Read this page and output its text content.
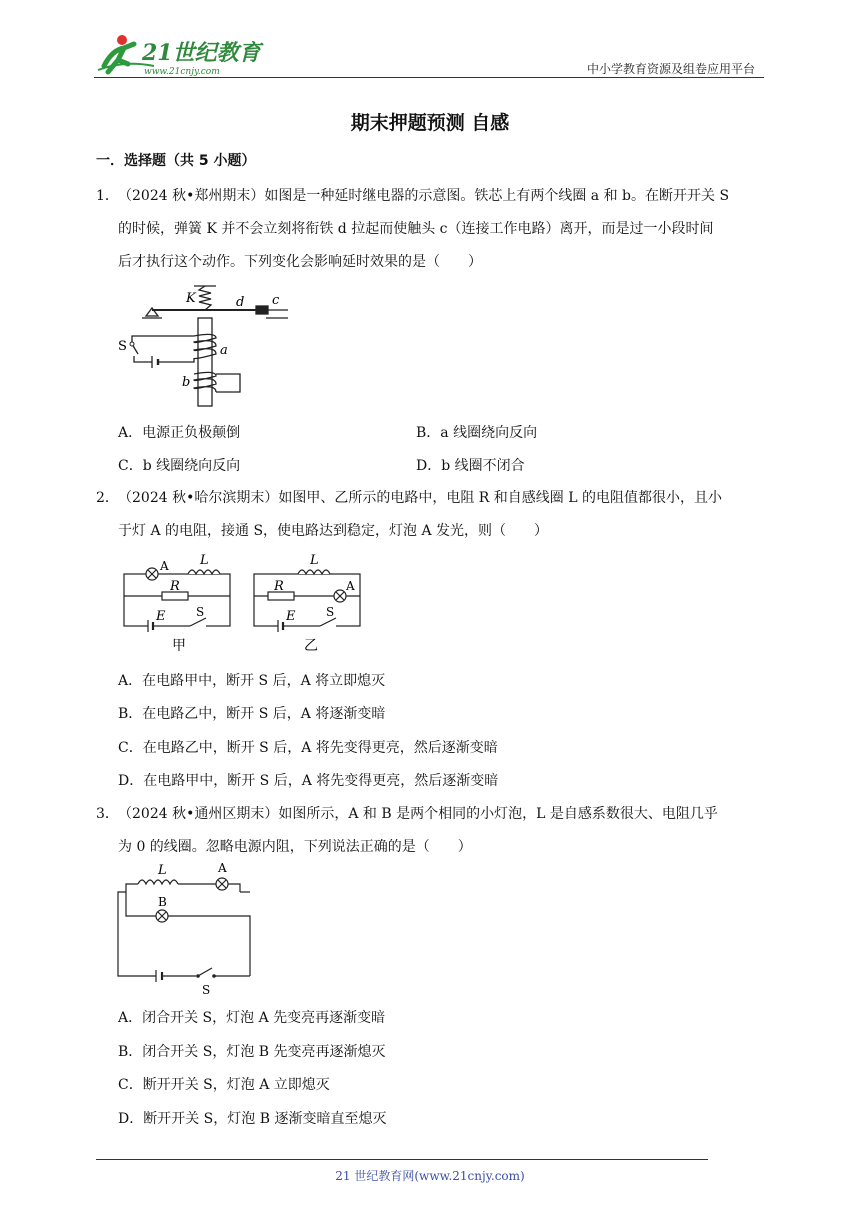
21世纪教育
www.21cnjy.com	中小学教育资源及组卷应用平台
期末押题预测 自感
一．选择题（共 5 小题）
1．（2024 秋•郑州期末）如图是一种延时继电器的示意图。铁芯上有两个线圈 a 和 b。在断开开关 S
的时候，弹簧 K 并不会立刻将衔铁 d 拉起而使触头 c（连接工作电路）离开，而是过一小段时间
后才执行这个动作。下列变化会影响延时效果的是（　　）
K	d c
S	a
b
A．电源正负极颠倒	B．a 线圈绕向反向
C．b 线圈绕向反向	D．b 线圈不闭合
2．（2024 秋•哈尔滨期末）如图甲、乙所示的电路中，电阻 R 和自感线圈 L 的电阻值都很小，且小
于灯 A 的电阻，接通 S，使电路达到稳定，灯泡 A 发光，则（　　）
A L
R
E	S
甲
L
R	A
E	S
乙
A．在电路甲中，断开 S 后，A 将立即熄灭
B．在电路乙中，断开 S 后，A 将逐渐变暗
C．在电路乙中，断开 S 后，A 将先变得更亮，然后逐渐变暗
D．在电路甲中，断开 S 后，A 将先变得更亮，然后逐渐变暗
3．（2024 秋•通州区期末）如图所示，A 和 B 是两个相同的小灯泡，L 是自感系数很大、电阻几乎
为 0 的线圈。忽略电源内阻，下列说法正确的是（　　）
L	A
B
S
A．闭合开关 S，灯泡 A 先变亮再逐渐变暗
B．闭合开关 S，灯泡 B 先变亮再逐渐熄灭
C．断开开关 S，灯泡 A 立即熄灭
D．断开开关 S，灯泡 B 逐渐变暗直至熄灭
21 世纪教育网(www.21cnjy.com)
